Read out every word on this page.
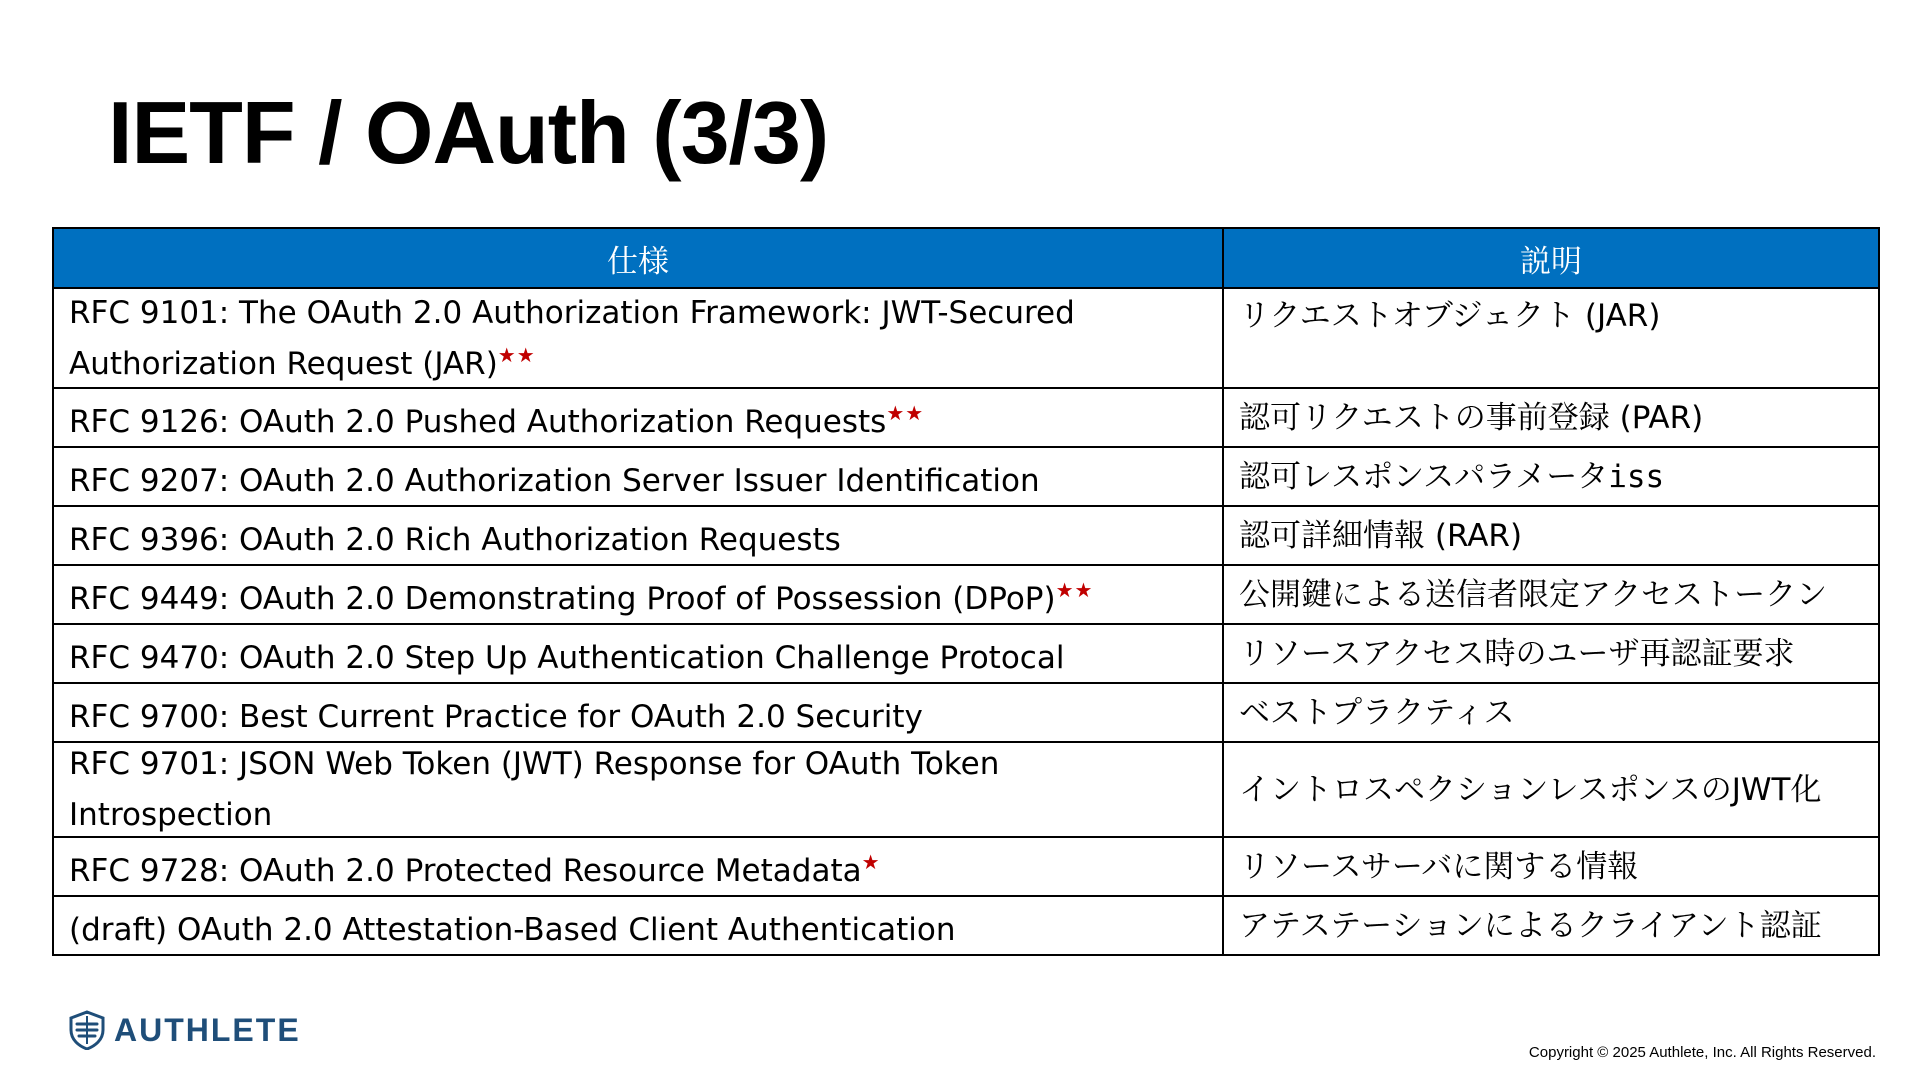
IETF / OAuth (3/3)
仕様	説明
RFC 9101: The OAuth 2.0 Authorization Framework: JWT-Secured Authorization Request (JAR)★★	リクエストオブジェクト (JAR)
RFC 9126: OAuth 2.0 Pushed Authorization Requests★★	認可リクエストの事前登録 (PAR)
RFC 9207: OAuth 2.0 Authorization Server Issuer Identification	認可レスポンスパラメータiss
RFC 9396: OAuth 2.0 Rich Authorization Requests	認可詳細情報 (RAR)
RFC 9449: OAuth 2.0 Demonstrating Proof of Possession (DPoP)★★	公開鍵による送信者限定アクセストークン
RFC 9470: OAuth 2.0 Step Up Authentication Challenge Protocal	リソースアクセス時のユーザ再認証要求
RFC 9700: Best Current Practice for OAuth 2.0 Security	ベストプラクティス
RFC 9701: JSON Web Token (JWT) Response for OAuth Token Introspection	イントロスペクションレスポンスのJWT化
RFC 9728: OAuth 2.0 Protected Resource Metadata★	リソースサーバに関する情報
(draft) OAuth 2.0 Attestation-Based Client Authentication	アテステーションによるクライアント認証
AUTHLETE
Copyright © 2025 Authlete, Inc. All Rights Reserved.
